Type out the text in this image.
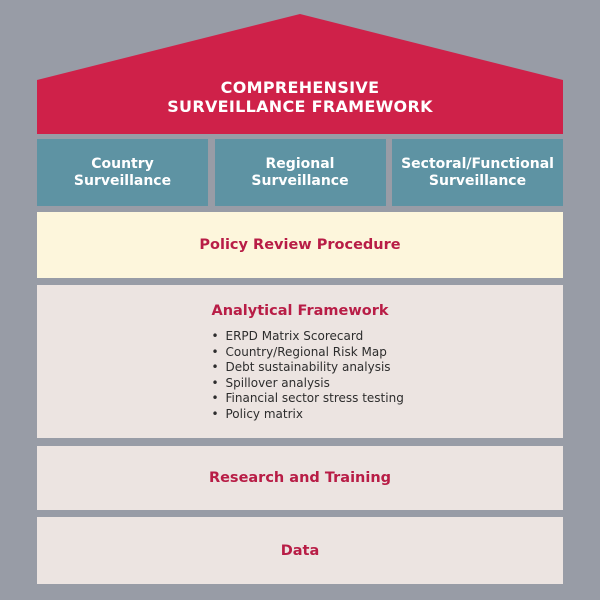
COMPREHENSIVE
SURVEILLANCE FRAMEWORK
Country
Surveillance
Regional
Surveillance
Sectoral/Functional
Surveillance
Policy Review Procedure
Analytical Framework
• ERPD Matrix Scorecard
• Country/Regional Risk Map
• Debt sustainability analysis
• Spillover analysis
• Financial sector stress testing
• Policy matrix
Research and Training
Data
